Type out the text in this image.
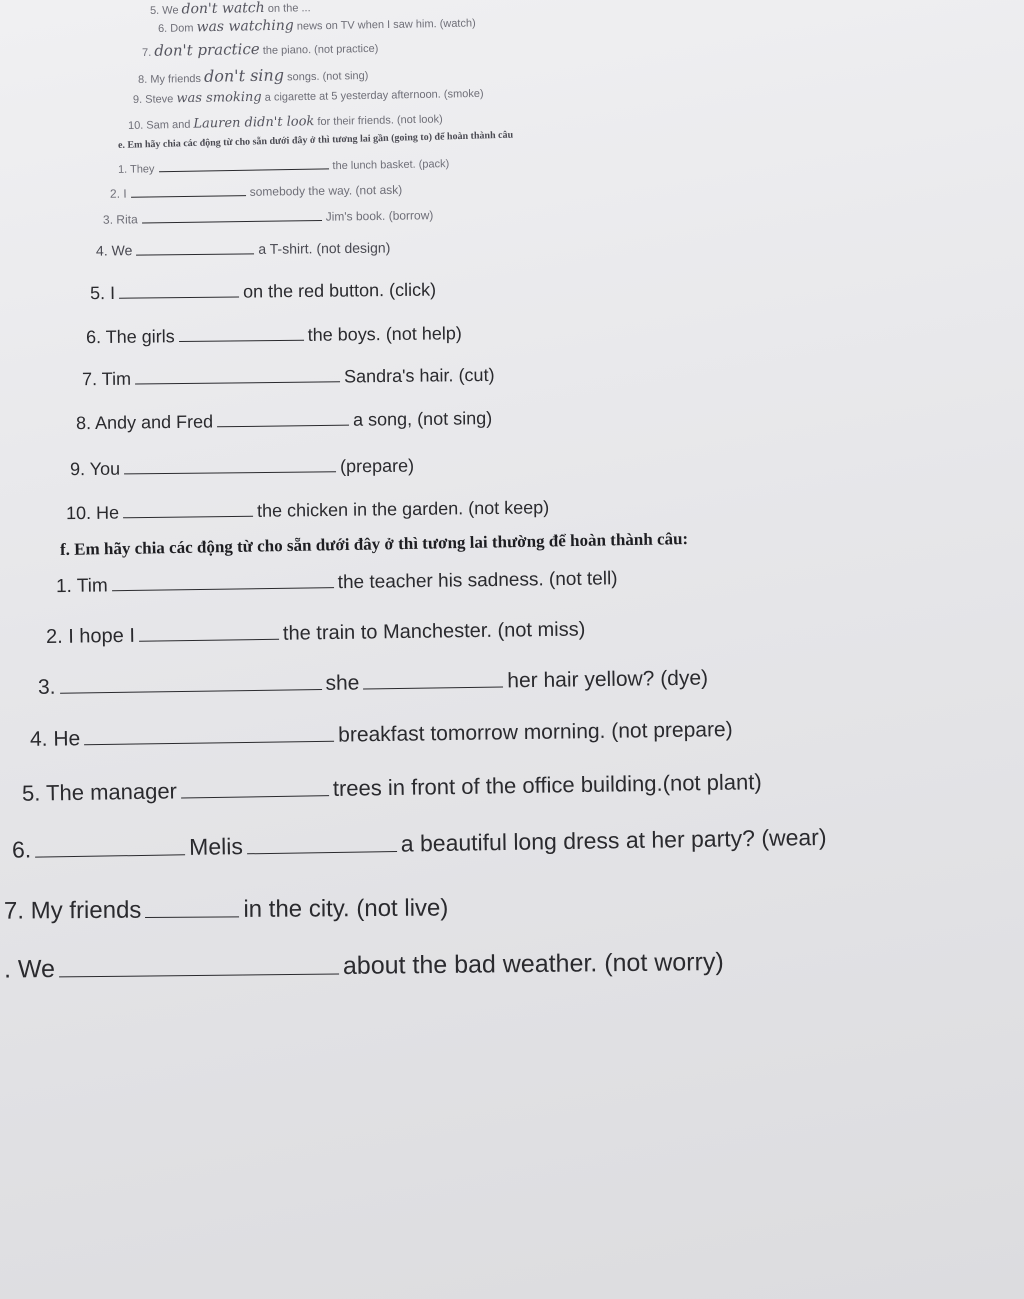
5. We don't watch on the ...
6. Dom was watching news on TV when I saw him. (watch)
7. don't practice the piano. (not practice)
8. My friends don't sing songs. (not sing)
9. Steve was smoking a cigarette at 5 yesterday afternoon. (smoke)
10. Sam and Lauren didn't look for their friends. (not look)
e. Em hãy chia các động từ cho sẵn dưới đây ở thì tương lai gần (going to) để hoàn thành câu
1. They	the lunch basket. (pack)
2. I	somebody the way. (not ask)
3. Rita	Jim's book. (borrow)
4. We	a T-shirt. (not design)
5. I	on the red button. (click)
6. The girls	the boys. (not help)
7. Tim	Sandra's hair. (cut)
8. Andy and Fred	a song, (not sing)
9. You	(prepare)
10. He	the chicken in the garden. (not keep)
f. Em hãy chia các động từ cho sẵn dưới đây ở thì tương lai thường để hoàn thành câu:
1. Tim	the teacher his sadness. (not tell)
2. I hope I	the train to Manchester. (not miss)
3.	she	her hair yellow? (dye)
4. He	breakfast tomorrow morning. (not prepare)
5. The manager	trees in front of the office building.(not plant)
6.	Melis	a beautiful long dress at her party? (wear)
7. My friends	in the city. (not live)
. We	about the bad weather. (not worry)
